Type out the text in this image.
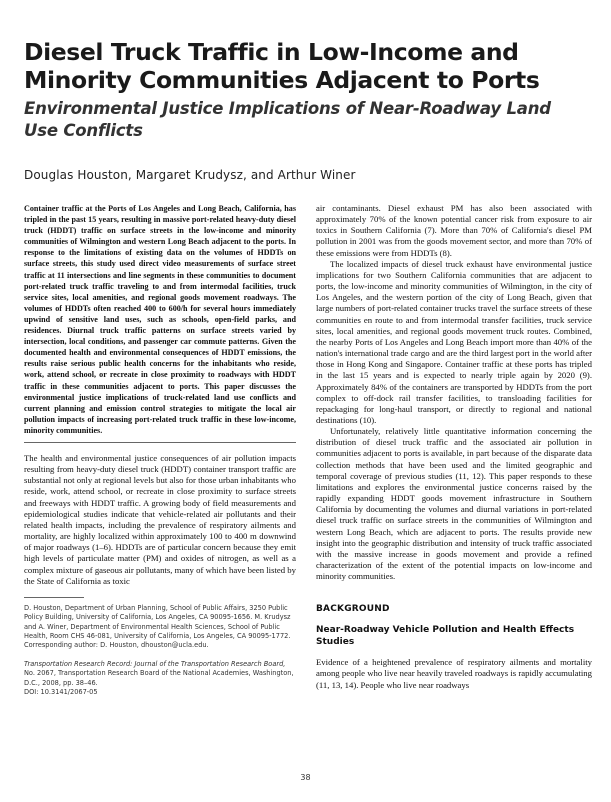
Diesel Truck Traffic in Low-Income and Minority Communities Adjacent to Ports
Environmental Justice Implications of Near-Roadway Land Use Conflicts
Douglas Houston, Margaret Krudysz, and Arthur Winer

Container traffic at the Ports of Los Angeles and Long Beach, California, has tripled in the past 15 years, resulting in massive port-related heavy-duty diesel truck (HDDT) traffic on surface streets in the low-income and minority communities of Wilmington and western Long Beach adjacent to the ports. In response to the limitations of existing data on the volumes of HDDTs on surface streets, this study used direct video measurements of surface street traffic at 11 intersections and line segments in these communities to document port-related truck traffic traveling to and from intermodal facilities, truck service sites, local amenities, and regional goods movement roadways. The volumes of HDDTs often reached 400 to 600/h for several hours immediately upwind of sensitive land uses, such as schools, open-field parks, and residences. Diurnal truck traffic patterns on surface streets varied by intersection, local conditions, and passenger car commute patterns. Given the documented health and environmental consequences of HDDT emissions, the results raise serious public health concerns for the inhabitants who reside, work, attend school, or recreate in close proximity to roadways with HDDT traffic in these communities adjacent to ports. This paper discusses the environmental justice implications of truck-related land use conflicts and current planning and emission control strategies to mitigate the local air pollution impacts of increasing port-related truck traffic in these low-income, minority communities.

The health and environmental justice consequences of air pollution impacts resulting from heavy-duty diesel truck (HDDT) container transport traffic are substantial not only at regional levels but also for those urban inhabitants who reside, work, attend school, or recreate in close proximity to surface streets and freeways with HDDT traffic. A growing body of field measurements and epidemiological studies indicate that vehicle-related air pollutants and their related health impacts, including the prevalence of respiratory ailments and mortality, are highly localized within approximately 100 to 400 m downwind of major roadways (1–6). HDDTs are of particular concern because they emit high levels of particulate matter (PM) and oxides of nitrogen, as well as a complex mixture of gaseous air pollutants, many of which have been listed by the State of California as toxic

D. Houston, Department of Urban Planning, School of Public Affairs, 3250 Public Policy Building, University of California, Los Angeles, CA 90095-1656. M. Krudysz and A. Winer, Department of Environmental Health Sciences, School of Public Health, Room CHS 46-081, University of California, Los Angeles, CA 90095-1772. Corresponding author: D. Houston, dhouston@ucla.edu.

Transportation Research Record: Journal of the Transportation Research Board, No. 2067, Transportation Research Board of the National Academies, Washington, D.C., 2008, pp. 38–46.
DOI: 10.3141/2067-05

air contaminants. Diesel exhaust PM has also been associated with approximately 70% of the known potential cancer risk from exposure to air toxics in Southern California (7). More than 70% of California's diesel PM pollution in 2001 was from the goods movement sector, and more than 70% of these emissions were from HDDTs (8).

The localized impacts of diesel truck exhaust have environmental justice implications for two Southern California communities that are adjacent to ports, the low-income and minority communities of Wilmington, in the city of Los Angeles, and the western portion of the city of Long Beach, given that large numbers of port-related container trucks travel the surface streets of these communities en route to and from intermodal transfer facilities, truck service sites, local amenities, and regional goods movement truck routes. Combined, the nearby Ports of Los Angeles and Long Beach import more than 40% of the nation's international trade cargo and are the third largest port in the world after those in Hong Kong and Singapore. Container traffic at these ports has tripled in the last 15 years and is expected to nearly triple again by 2020 (9). Approximately 84% of the containers are transported by HDDTs from the port complex to off-dock rail transfer facilities, to transloading facilities for repackaging for long-haul transport, or directly to regional and national destinations (10).

Unfortunately, relatively little quantitative information concerning the distribution of diesel truck traffic and the associated air pollution in communities adjacent to ports is available, in part because of the disparate data collection methods that have been used and the limited geographic and temporal coverage of previous studies (11, 12). This paper responds to these limitations and explores the environmental justice concerns raised by the rapidly expanding HDDT goods movement infrastructure in Southern California by documenting the volumes and diurnal variations in port-related diesel truck traffic on surface streets in the communities of Wilmington and western Long Beach, which are adjacent to ports. The results provide new insight into the geographic distribution and intensity of truck traffic associated with the massive increase in goods movement and provide a refined characterization of the extent of the potential impacts on low-income and minority communities.

BACKGROUND
Near-Roadway Vehicle Pollution and Health Effects Studies

Evidence of a heightened prevalence of respiratory ailments and mortality among people who live near heavily traveled roadways is rapidly accumulating (11, 13, 14). People who live near roadways

38
